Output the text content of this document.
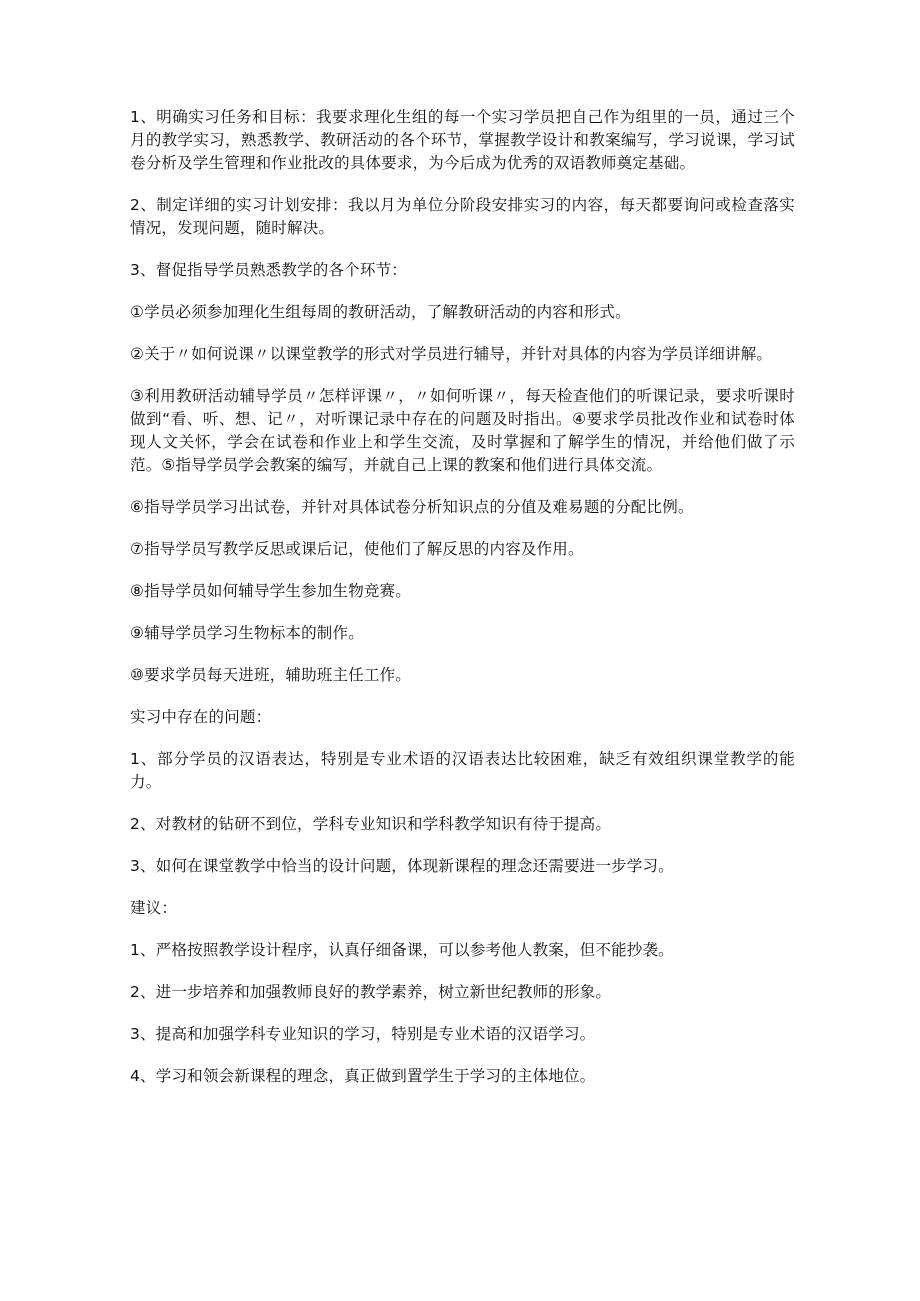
1、明确实习任务和目标：我要求理化生组的每一个实习学员把自己作为组里的一员，通过三个月的教学实习，熟悉教学、教研活动的各个环节，掌握教学设计和教案编写，学习说课，学习试卷分析及学生管理和作业批改的具体要求，为今后成为优秀的双语教师奠定基础。

2、制定详细的实习计划安排：我以月为单位分阶段安排实习的内容，每天都要询问或检查落实情况，发现问题，随时解决。

3、督促指导学员熟悉教学的各个环节：

①学员必须参加理化生组每周的教研活动，了解教研活动的内容和形式。

②关于〃如何说课〃以课堂教学的形式对学员进行辅导，并针对具体的内容为学员详细讲解。

③利用教研活动辅导学员〃怎样评课〃，〃如何听课〃，每天检查他们的听课记录，要求听课时做到“看、听、想、记〃，对听课记录中存在的问题及时指出。④要求学员批改作业和试卷时体现人文关怀，学会在试卷和作业上和学生交流，及时掌握和了解学生的情况，并给他们做了示范。⑤指导学员学会教案的编写，并就自己上课的教案和他们进行具体交流。

⑥指导学员学习出试卷，并针对具体试卷分析知识点的分值及难易题的分配比例。

⑦指导学员写教学反思或课后记，使他们了解反思的内容及作用。

⑧指导学员如何辅导学生参加生物竞赛。

⑨辅导学员学习生物标本的制作。

⑩要求学员每天进班，辅助班主任工作。

实习中存在的问题：

1、部分学员的汉语表达，特别是专业术语的汉语表达比较困难，缺乏有效组织课堂教学的能力。

2、对教材的钻研不到位，学科专业知识和学科教学知识有待于提高。

3、如何在课堂教学中恰当的设计问题，体现新课程的理念还需要进一步学习。

建议：

1、严格按照教学设计程序，认真仔细备课，可以参考他人教案，但不能抄袭。

2、进一步培养和加强教师良好的教学素养，树立新世纪教师的形象。

3、提高和加强学科专业知识的学习，特别是专业术语的汉语学习。

4、学习和领会新课程的理念，真正做到置学生于学习的主体地位。
